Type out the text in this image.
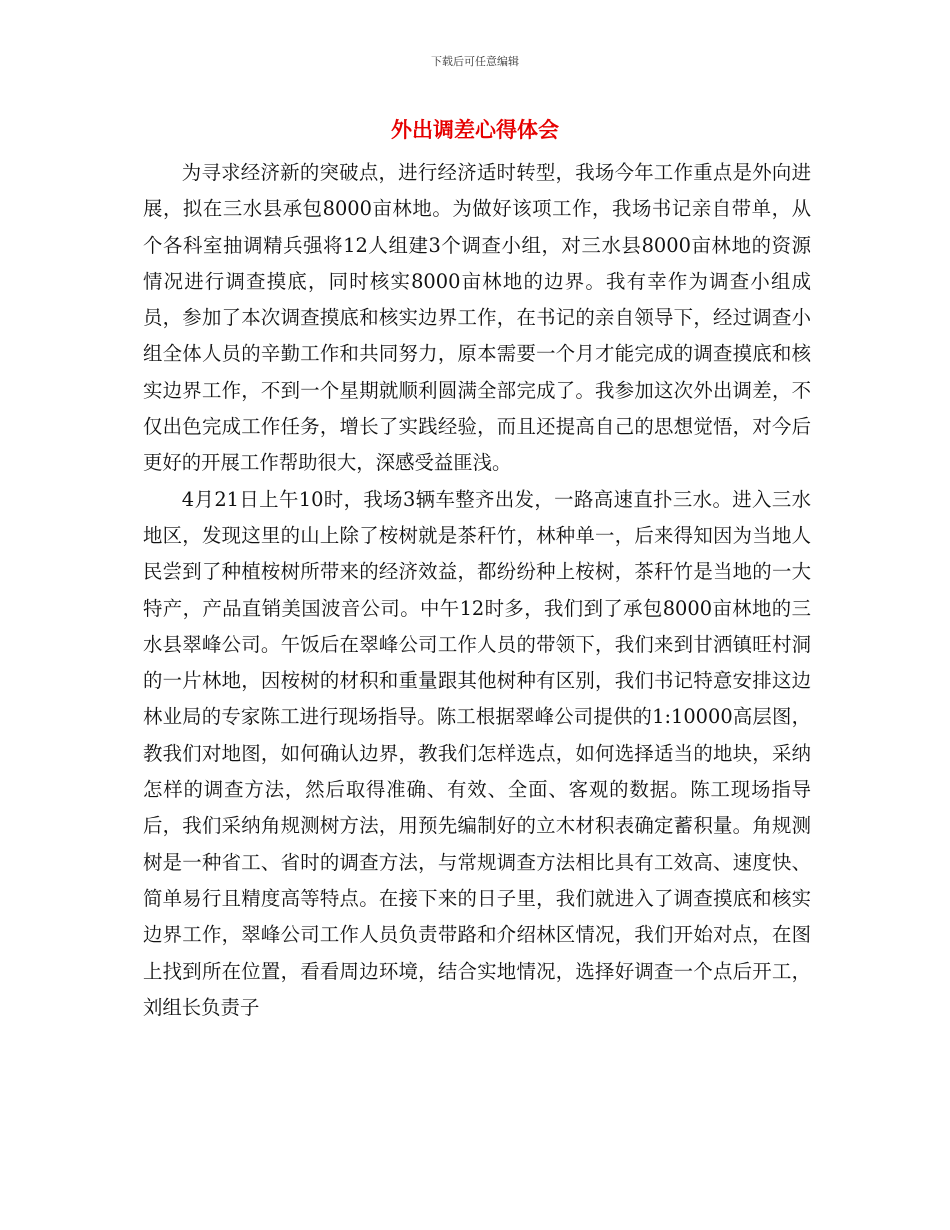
下载后可任意编辑
外出调差心得体会

为寻求经济新的突破点，进行经济适时转型，我场今年工作重点是外向进展，拟在三水县承包8000亩林地。为做好该项工作，我场书记亲自带单，从个各科室抽调精兵强将12人组建3个调查小组，对三水县8000亩林地的资源情况进行调查摸底，同时核实8000亩林地的边界。我有幸作为调查小组成员，参加了本次调查摸底和核实边界工作，在书记的亲自领导下，经过调查小组全体人员的辛勤工作和共同努力，原本需要一个月才能完成的调查摸底和核实边界工作，不到一个星期就顺利圆满全部完成了。我参加这次外出调差，不仅出色完成工作任务，增长了实践经验，而且还提高自己的思想觉悟，对今后更好的开展工作帮助很大，深感受益匪浅。

4月21日上午10时，我场3辆车整齐出发，一路高速直扑三水。进入三水地区，发现这里的山上除了桉树就是茶秆竹，林种单一，后来得知因为当地人民尝到了种植桉树所带来的经济效益，都纷纷种上桉树，茶秆竹是当地的一大特产，产品直销美国波音公司。中午12时多，我们到了承包8000亩林地的三水县翠峰公司。午饭后在翠峰公司工作人员的带领下，我们来到甘洒镇旺村洞的一片林地，因桉树的材积和重量跟其他树种有区别，我们书记特意安排这边林业局的专家陈工进行现场指导。陈工根据翠峰公司提供的1:10000高层图，教我们对地图，如何确认边界，教我们怎样选点，如何选择适当的地块，采纳怎样的调查方法，然后取得准确、有效、全面、客观的数据。陈工现场指导后，我们采纳角规测树方法，用预先编制好的立木材积表确定蓄积量。角规测树是一种省工、省时的调查方法，与常规调查方法相比具有工效高、速度快、简单易行且精度高等特点。在接下来的日子里，我们就进入了调查摸底和核实边界工作，翠峰公司工作人员负责带路和介绍林区情况，我们开始对点，在图上找到所在位置，看看周边环境，结合实地情况，选择好调查一个点后开工，刘组长负责子
